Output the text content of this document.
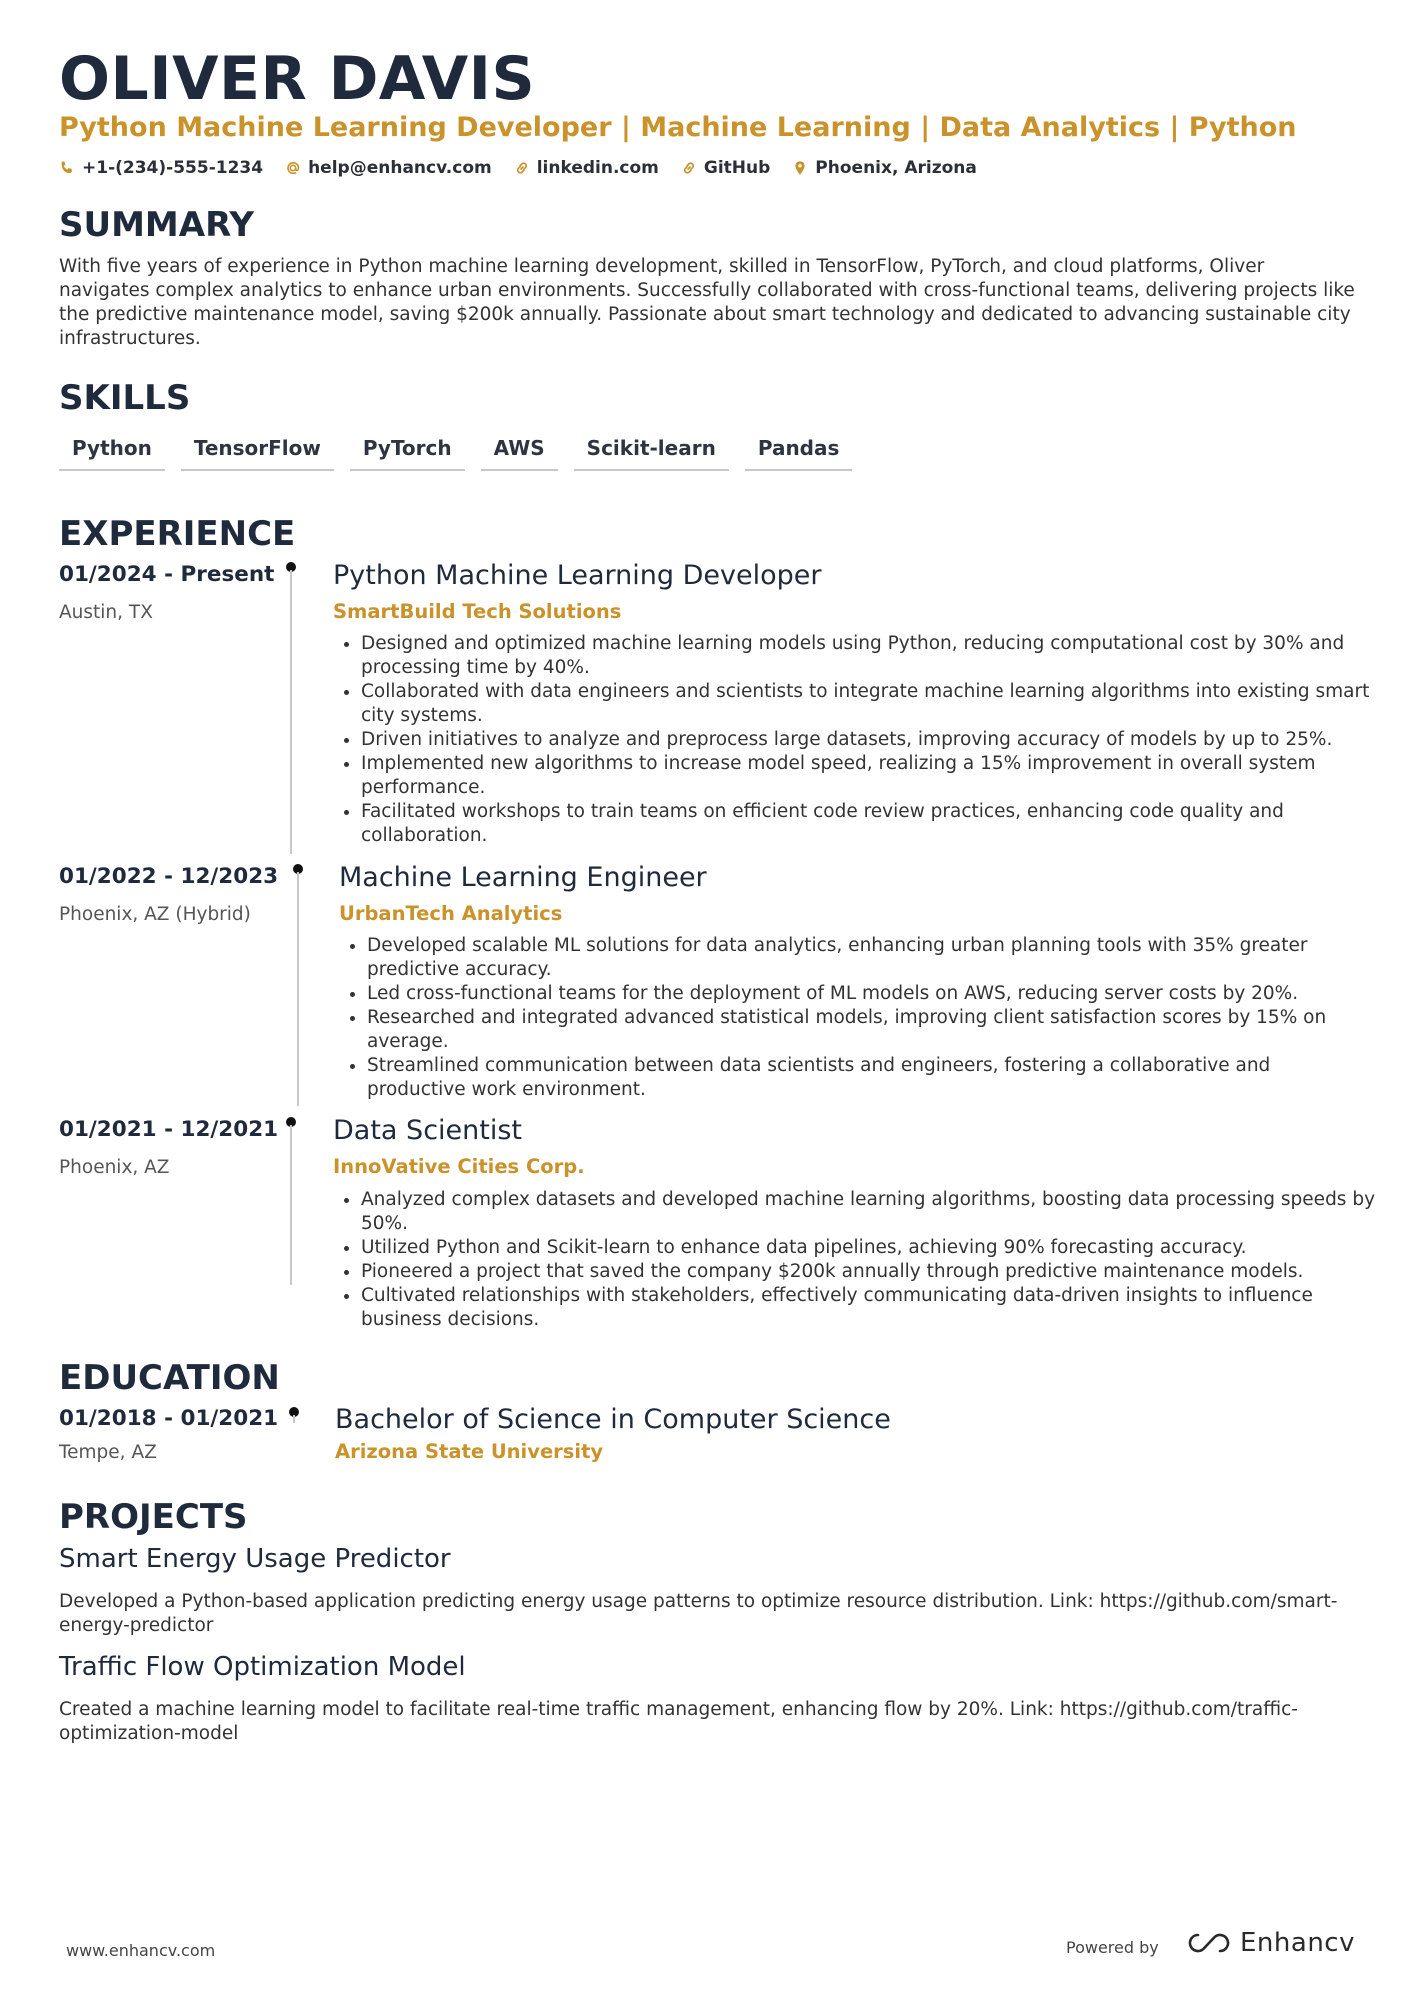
OLIVER DAVIS
Python Machine Learning Developer | Machine Learning | Data Analytics | Python
+1-(234)-555-1234	help@enhancv.com	linkedin.com	GitHub	Phoenix, Arizona
SUMMARY

With five years of experience in Python machine learning development, skilled in TensorFlow, PyTorch, and cloud platforms, Oliver navigates complex analytics to enhance urban environments. Successfully collaborated with cross-functional teams, delivering projects like the predictive maintenance model, saving $200k annually. Passionate about smart technology and dedicated to advancing sustainable city infrastructures.

SKILLS
Python	TensorFlow	PyTorch	AWS	Scikit-learn	Pandas
EXPERIENCE
01/2024 - Present
Austin, TX
Python Machine Learning Developer
SmartBuild Tech Solutions
• Designed and optimized machine learning models using Python, reducing computational cost by 30% and processing time by 40%.
• Collaborated with data engineers and scientists to integrate machine learning algorithms into existing smart city systems.
• Driven initiatives to analyze and preprocess large datasets, improving accuracy of models by up to 25%.
• Implemented new algorithms to increase model speed, realizing a 15% improvement in overall system performance.
• Facilitated workshops to train teams on efficient code review practices, enhancing code quality and collaboration.
01/2022 - 12/2023
Phoenix, AZ (Hybrid)
Machine Learning Engineer
UrbanTech Analytics
• Developed scalable ML solutions for data analytics, enhancing urban planning tools with 35% greater predictive accuracy.
• Led cross-functional teams for the deployment of ML models on AWS, reducing server costs by 20%.
• Researched and integrated advanced statistical models, improving client satisfaction scores by 15% on average.
• Streamlined communication between data scientists and engineers, fostering a collaborative and productive work environment.
01/2021 - 12/2021
Phoenix, AZ
Data Scientist
InnoVative Cities Corp.
• Analyzed complex datasets and developed machine learning algorithms, boosting data processing speeds by 50%.
• Utilized Python and Scikit-learn to enhance data pipelines, achieving 90% forecasting accuracy.
• Pioneered a project that saved the company $200k annually through predictive maintenance models.
• Cultivated relationships with stakeholders, effectively communicating data-driven insights to influence business decisions.
EDUCATION
01/2018 - 01/2021
Tempe, AZ
Bachelor of Science in Computer Science
Arizona State University
PROJECTS
Smart Energy Usage Predictor

Developed a Python-based application predicting energy usage patterns to optimize resource distribution. Link: https://github.com/smart-energy-predictor

Traffic Flow Optimization Model

Created a machine learning model to facilitate real-time traffic management, enhancing flow by 20%. Link: https://github.com/traffic-optimization-model

www.enhancv.com	Powered by	Enhancv
